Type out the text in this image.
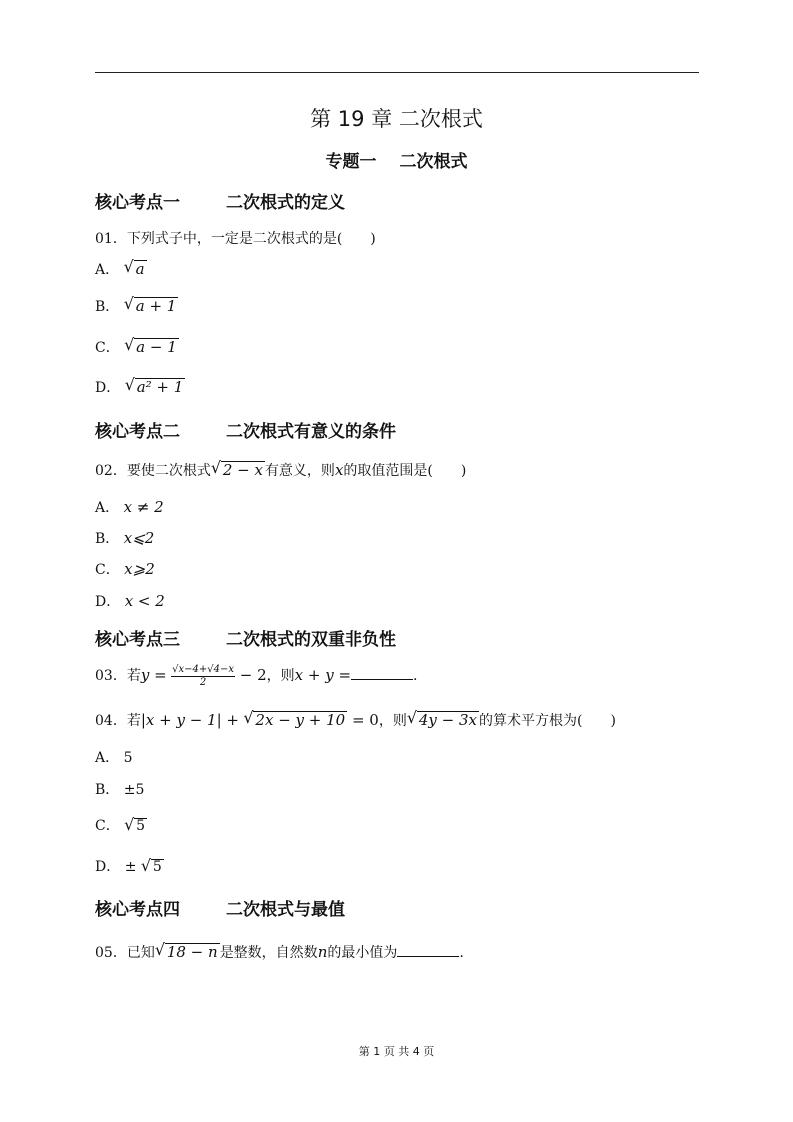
第 19 章 二次根式
专题一　 二次根式
核心考点一	二次根式的定义
01．下列式子中，一定是二次根式的是(　　)
A． √ a
B． √ a + 1
C． √ a − 1
D． √ a² + 1
核心考点二	二次根式有意义的条件
02．要使二次根式 √ 2 − x 有意义，则x的取值范围是(　　)
A． x ≠ 2
B． x⩽2
C． x⩾2
D． x < 2
核心考点三	二次根式的双重非负性
03．若$y = \frac{√x-4+√4-x}{2} - 2$，则x + y =	.
04．若|x + y − 1| + √ 2x − y + 10 = 0，则 √ 4y − 3x 的算术平方根为(　　)
A． 5
B． ±5
C． √ 5
D． ± √ 5
核心考点四	二次根式与最值
05．已知 √ 18 − n 是整数，自然数n的最小值为	.
第 1 页 共 4 页
